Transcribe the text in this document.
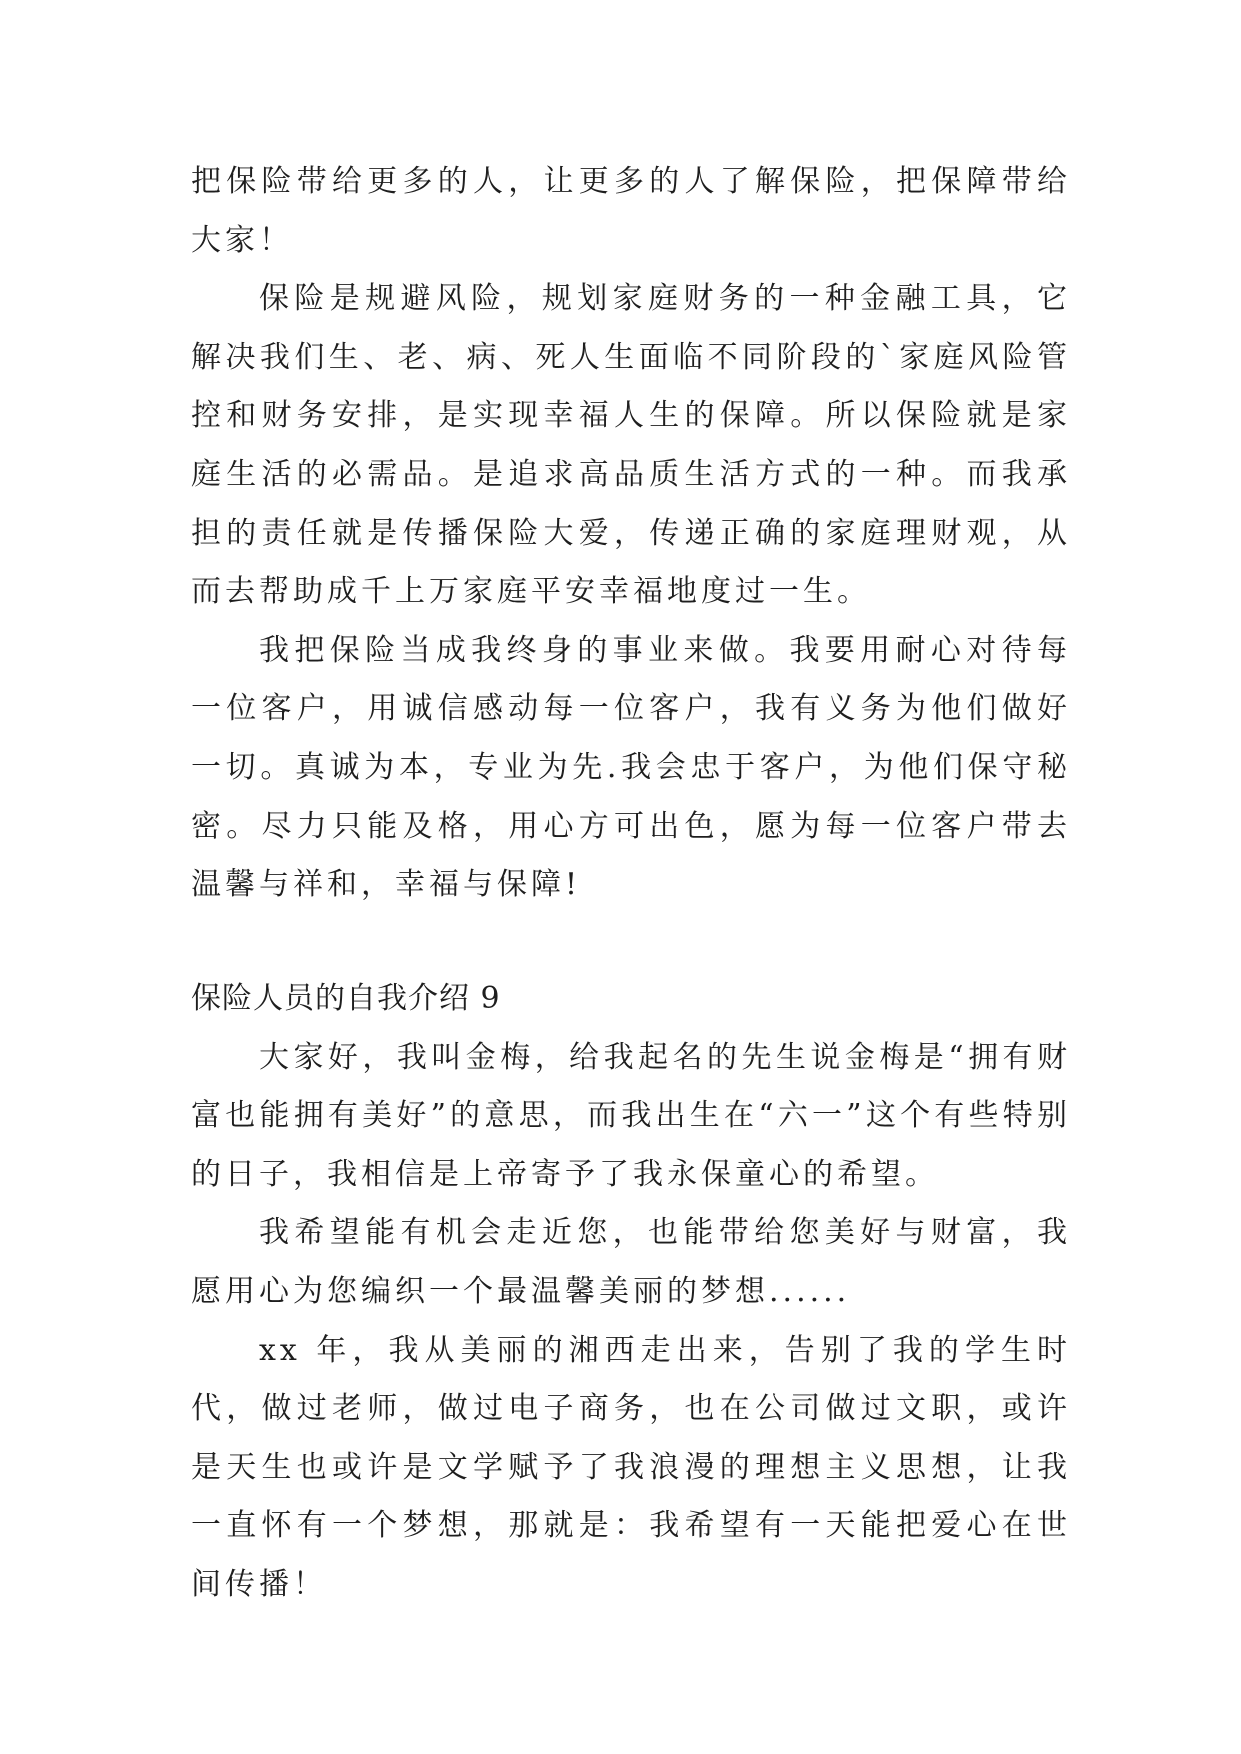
把保险带给更多的人，让更多的人了解保险，把保障带给大家！

保险是规避风险，规划家庭财务的一种金融工具，它解决我们生、老、病、死人生面临不同阶段的`家庭风险管控和财务安排，是实现幸福人生的保障。所以保险就是家庭生活的必需品。是追求高品质生活方式的一种。而我承担的责任就是传播保险大爱，传递正确的家庭理财观，从而去帮助成千上万家庭平安幸福地度过一生。

我把保险当成我终身的事业来做。我要用耐心对待每一位客户，用诚信感动每一位客户，我有义务为他们做好一切。真诚为本，专业为先.我会忠于客户，为他们保守秘密。尽力只能及格，用心方可出色，愿为每一位客户带去温馨与祥和，幸福与保障!

保险人员的自我介绍 9

大家好，我叫金梅，给我起名的先生说金梅是“拥有财富也能拥有美好”的意思，而我出生在“六一”这个有些特别的日子，我相信是上帝寄予了我永保童心的希望。

我希望能有机会走近您，也能带给您美好与财富，我愿用心为您编织一个最温馨美丽的梦想......

xx 年，我从美丽的湘西走出来，告别了我的学生时代，做过老师，做过电子商务，也在公司做过文职，或许是天生也或许是文学赋予了我浪漫的理想主义思想，让我一直怀有一个梦想，那就是：我希望有一天能把爱心在世间传播！
